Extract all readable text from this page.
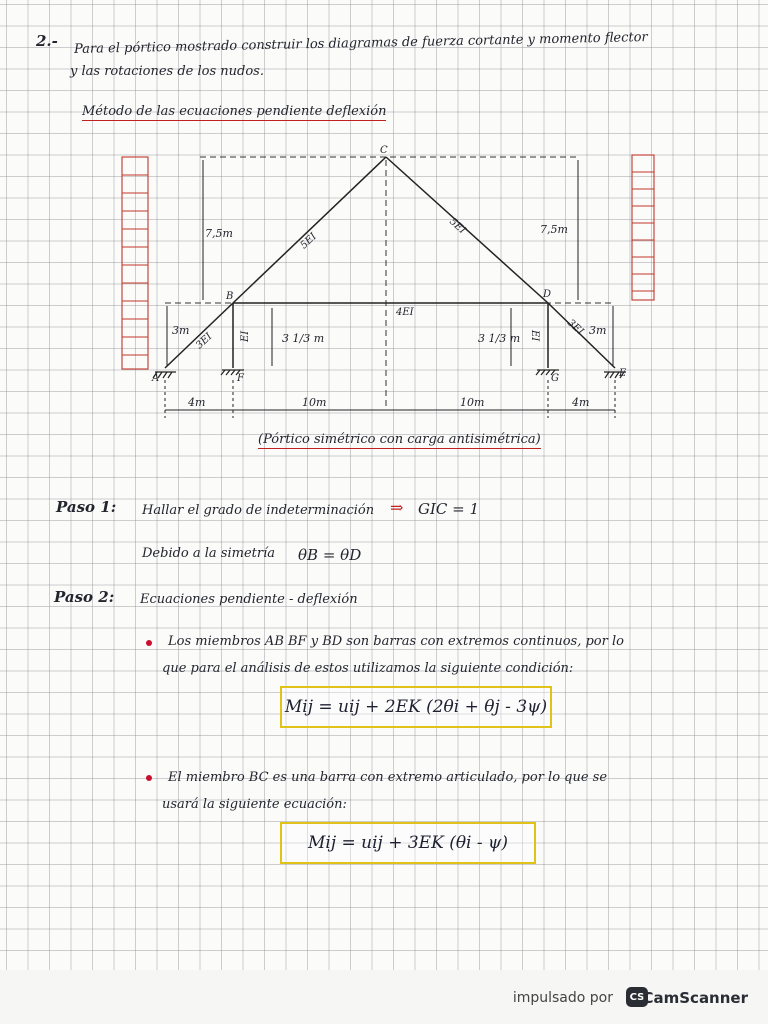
2.- Para el pórtico mostrado construir los diagramas de fuerza cortante y momento flector
y las rotaciones de los nudos.
Método de las ecuaciones pendiente deflexión
C
B	D
A	F	G	E
7,5m	7,5m
3m	3m
3 1/3 m	3 1/3 m
5EI
5EI
4EI
3EI
3EI
EI	EI
4m	10m	10m	4m
(Pórtico simétrico con carga antisimétrica)
Paso 1: Hallar el grado de indeterminación ⇒ GIC = 1
Debido a la simetría θB = θD
Paso 2: Ecuaciones pendiente - deflexión
Los miembros AB BF y BD son barras con extremos continuos, por lo
que para el análisis de estos utilizamos la siguiente condición:
Mij = uij + 2EK (2θi + θj - 3ψ)
El miembro BC es una barra con extremo articulado, por lo que se
usará la siguiente ecuación:
Mij = uij + 3EK (θi - ψ)
impulsado por	CS
CamScanner
